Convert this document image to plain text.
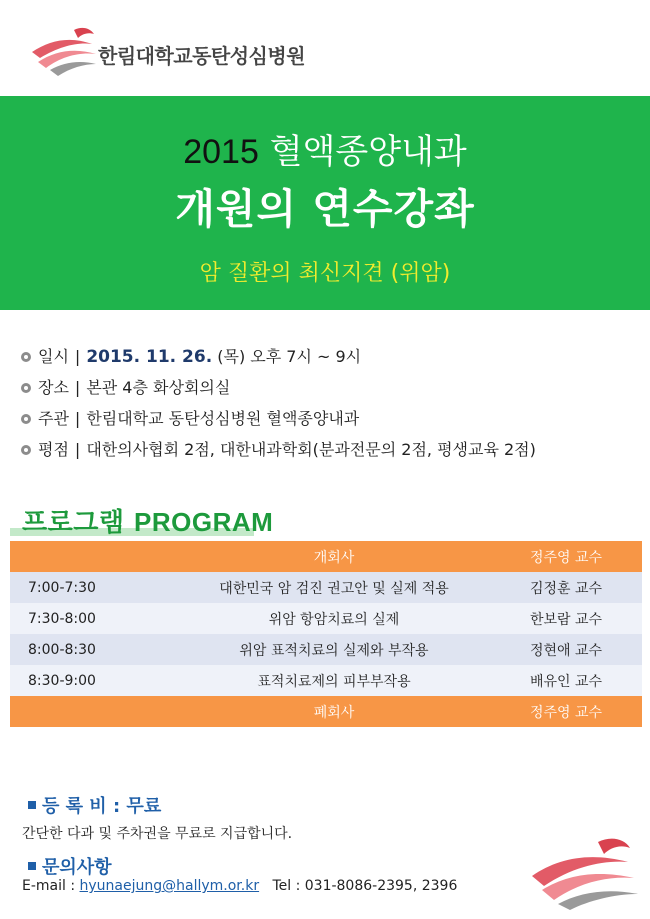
한림대학교동탄성심병원
2015 혈액종양내과
개원의 연수강좌
암 질환의 최신지견 (위암)
일시 | 2015. 11. 26. (목) 오후 7시 ~ 9시
장소 | 본관 4층 화상회의실
주관 | 한림대학교 동탄성심병원 혈액종양내과
평점 | 대한의사협회 2점, 대한내과학회(분과전문의 2점, 평생교육 2점)
프로그램 PROGRAM
	개회사	정주영 교수
7:00-7:30	대한민국 암 검진 권고안 및 실제 적용	김정훈 교수
7:30-8:00	위암 항암치료의 실제	한보람 교수
8:00-8:30	위암 표적치료의 실제와 부작용	정현애 교수
8:30-9:00	표적치료제의 피부부작용	배유인 교수
	폐회사	정주영 교수
등 록 비 : 무료
간단한 다과 및 주차권을 무료로 지급합니다.
문의사항
E-mail : hyunaejung@hallym.or.kr Tel : 031-8086-2395, 2396
